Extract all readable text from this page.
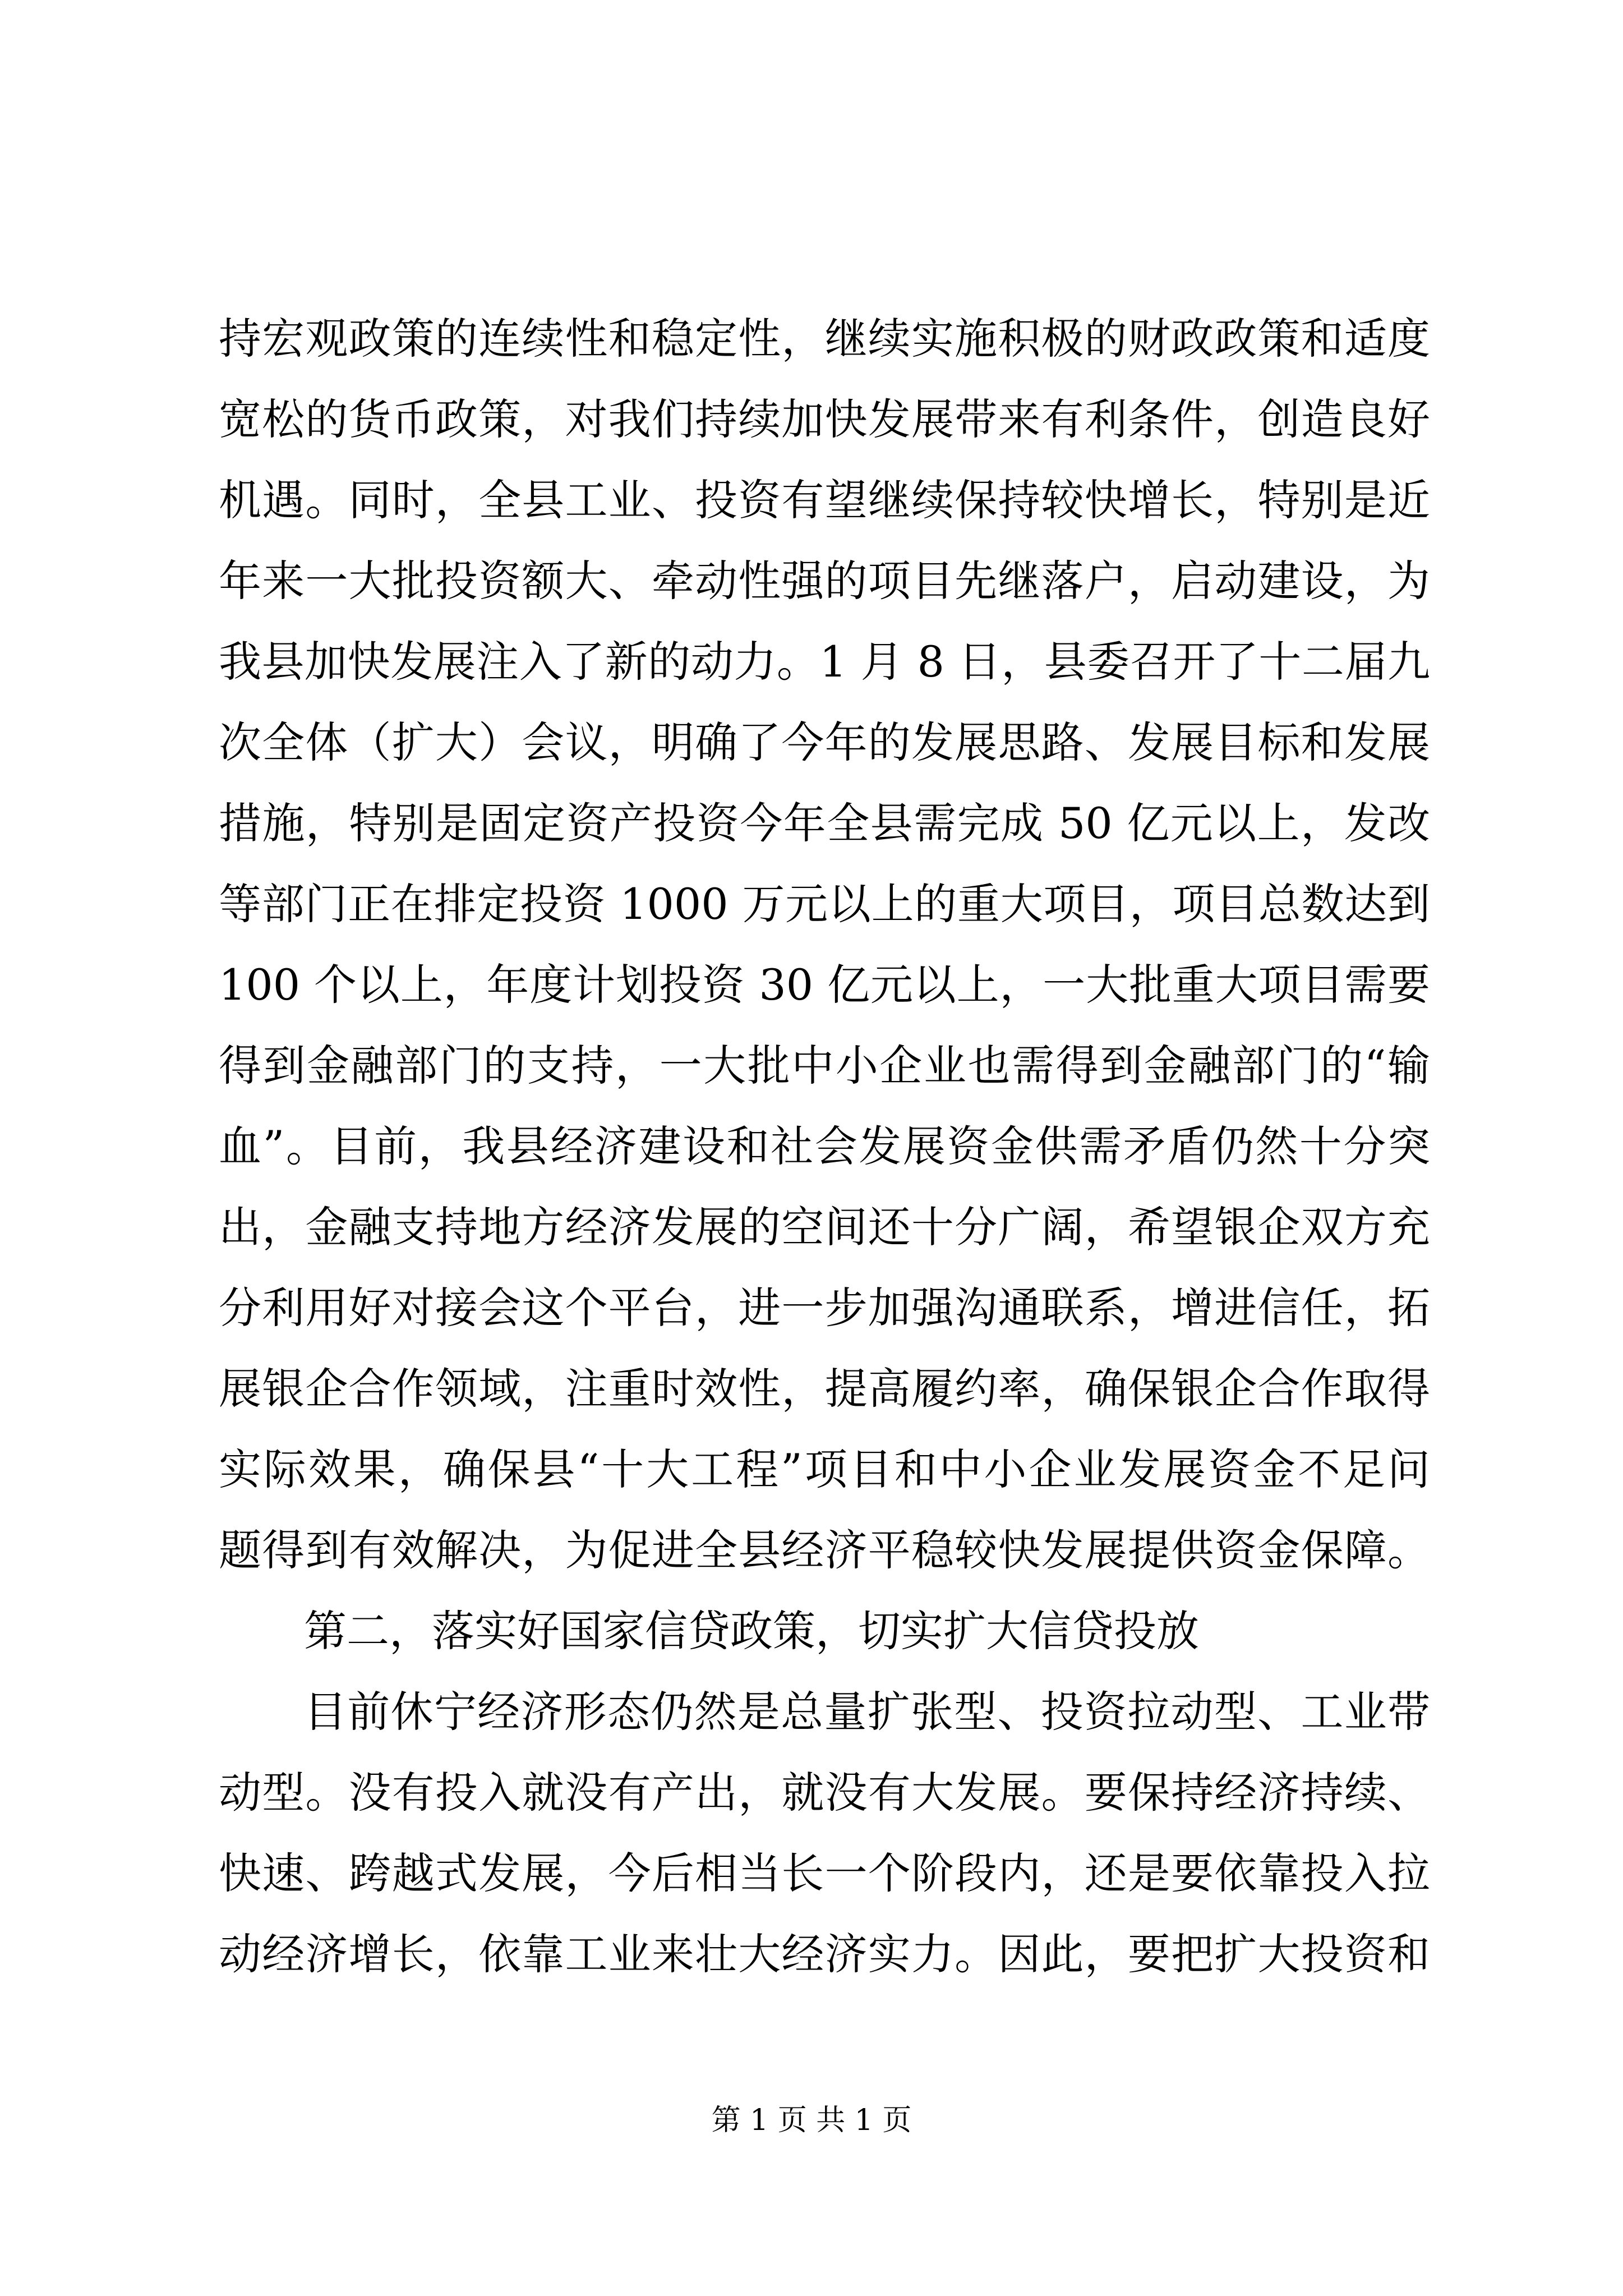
持宏观政策的连续性和稳定性，继续实施积极的财政政策和适度
宽松的货币政策，对我们持续加快发展带来有利条件，创造良好
机遇。同时，全县工业、投资有望继续保持较快增长，特别是近
年来一大批投资额大、牵动性强的项目先继落户，启动建设，为
我县加快发展注入了新的动力。1 月 8 日，县委召开了十二届九
次全体（扩大）会议，明确了今年的发展思路、发展目标和发展
措施，特别是固定资产投资今年全县需完成 50 亿元以上，发改
等部门正在排定投资 1000 万元以上的重大项目，项目总数达到
100 个以上，年度计划投资 30 亿元以上，一大批重大项目需要
得到金融部门的支持，一大批中小企业也需得到金融部门的“输
血”。目前，我县经济建设和社会发展资金供需矛盾仍然十分突
出，金融支持地方经济发展的空间还十分广阔，希望银企双方充
分利用好对接会这个平台，进一步加强沟通联系，增进信任，拓
展银企合作领域，注重时效性，提高履约率，确保银企合作取得
实际效果，确保县“十大工程”项目和中小企业发展资金不足问
题得到有效解决，为促进全县经济平稳较快发展提供资金保障。
第二，落实好国家信贷政策，切实扩大信贷投放
目前休宁经济形态仍然是总量扩张型、投资拉动型、工业带
动型。没有投入就没有产出，就没有大发展。要保持经济持续、
快速、跨越式发展，今后相当长一个阶段内，还是要依靠投入拉
动经济增长，依靠工业来壮大经济实力。因此，要把扩大投资和
第 1 页 共 1 页
